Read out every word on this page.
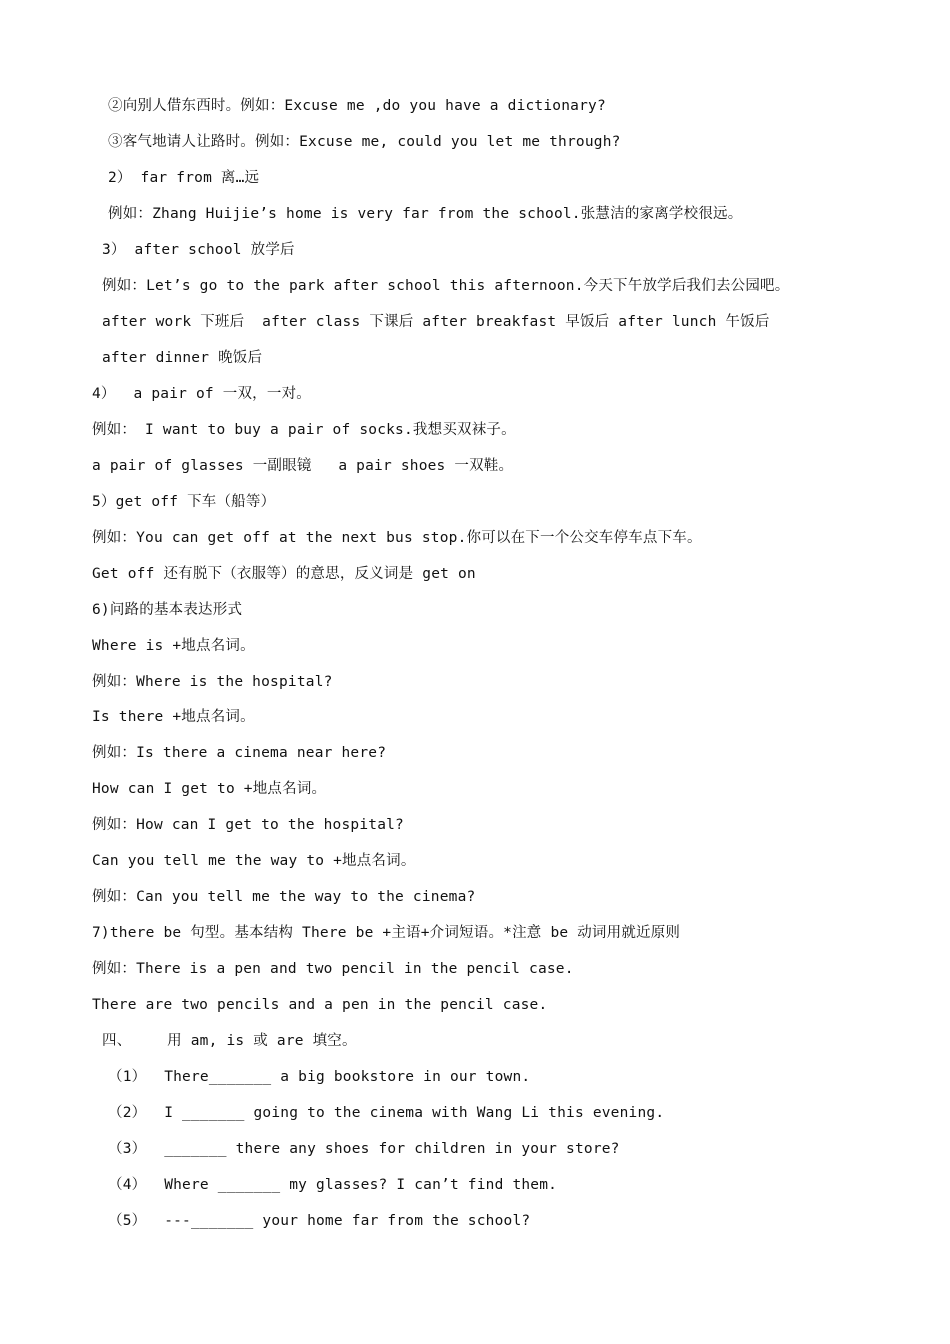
②向别人借东西时。例如：Excuse me ,do you have a dictionary?
③客气地请人让路时。例如：Excuse me, could you let me through?
2） far from 离…远
例如：Zhang Huijie’s home is very far from the school.张慧洁的家离学校很远。
3） after school 放学后
例如：Let’s go to the park after school this afternoon.今天下午放学后我们去公园吧。
after work 下班后  after class 下课后 after breakfast 早饭后 after lunch 午饭后
after dinner 晚饭后
4）  a pair of 一双，一对。
例如： I want to buy a pair of socks.我想买双袜子。
a pair of glasses 一副眼镜   a pair shoes 一双鞋。
5）get off 下车（船等）
例如：You can get off at the next bus stop.你可以在下一个公交车停车点下车。
Get off 还有脱下（衣服等）的意思，反义词是 get on
6)问路的基本表达形式
Where is +地点名词。
例如：Where is the hospital?
Is there +地点名词。
例如：Is there a cinema near here?
How can I get to +地点名词。
例如：How can I get to the hospital?
Can you tell me the way to +地点名词。
例如：Can you tell me the way to the cinema?
7)there be 句型。基本结构 There be +主语+介词短语。*注意 be 动词用就近原则
例如：There is a pen and two pencil in the pencil case.
There are two pencils and a pen in the pencil case.
四、    用 am, is 或 are 填空。
（1）  There_______ a big bookstore in our town.
（2）  I _______ going to the cinema with Wang Li this evening.
（3）  _______ there any shoes for children in your store?
（4）  Where _______ my glasses? I can’t find them.
（5）  ---_______ your home far from the school?
